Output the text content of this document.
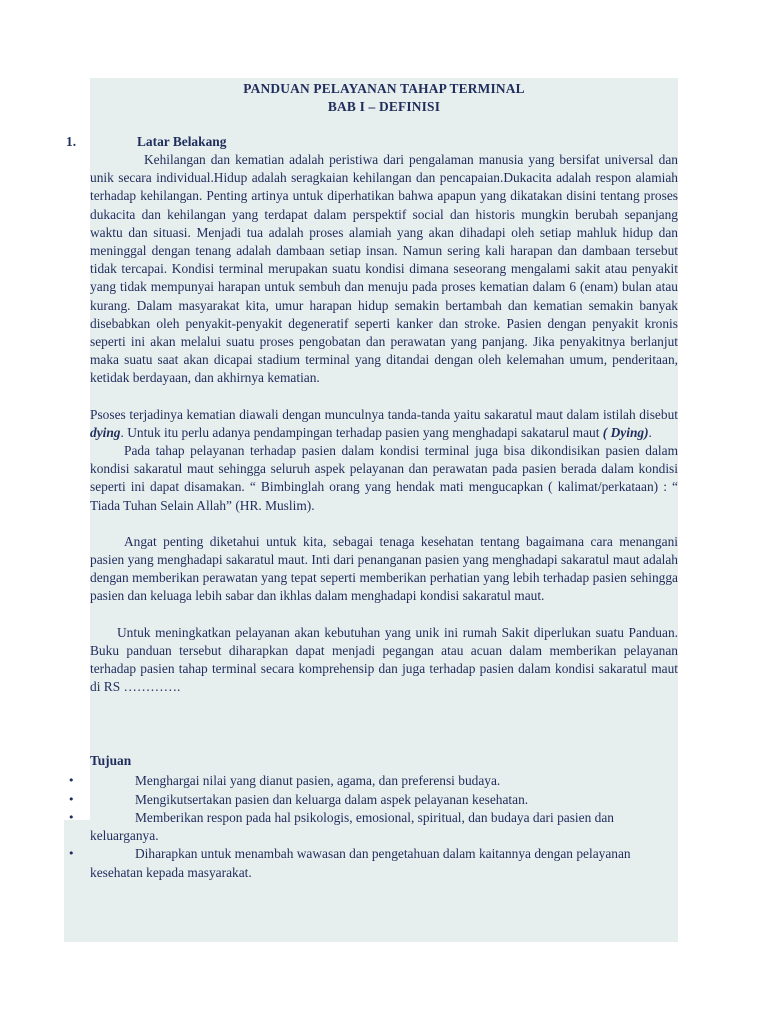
PANDUAN PELAYANAN TAHAP TERMINAL
BAB I – DEFINISI
1.	Latar Belakang

Kehilangan dan kematian adalah peristiwa dari pengalaman manusia yang bersifat universal dan unik secara individual.Hidup adalah seragkaian kehilangan dan pencapaian.Dukacita adalah respon alamiah terhadap kehilangan. Penting artinya untuk diperhatikan bahwa apapun yang dikatakan disini tentang proses dukacita dan kehilangan yang terdapat dalam perspektif social dan historis mungkin berubah sepanjang waktu dan situasi. Menjadi tua adalah proses alamiah yang akan dihadapi oleh setiap mahluk hidup dan meninggal dengan tenang adalah dambaan setiap insan. Namun sering kali harapan dan dambaan tersebut tidak tercapai. Kondisi terminal merupakan suatu kondisi dimana seseorang mengalami sakit atau penyakit yang tidak mempunyai harapan untuk sembuh dan menuju pada proses kematian dalam 6 (enam) bulan atau kurang. Dalam masyarakat kita, umur harapan hidup semakin bertambah dan kematian semakin banyak disebabkan oleh penyakit-penyakit degeneratif seperti kanker dan stroke. Pasien dengan penyakit kronis seperti ini akan melalui suatu proses pengobatan dan perawatan yang panjang. Jika penyakitnya berlanjut maka suatu saat akan dicapai stadium terminal yang ditandai dengan oleh kelemahan umum, penderitaan, ketidak berdayaan, dan akhirnya kematian.

Psoses terjadinya kematian diawali dengan munculnya tanda-tanda yaitu sakaratul maut dalam istilah disebut dying. Untuk itu perlu adanya pendampingan terhadap pasien yang menghadapi sakatarul maut ( Dying).

Pada tahap pelayanan terhadap pasien dalam kondisi terminal juga bisa dikondisikan pasien dalam kondisi sakaratul maut sehingga seluruh aspek pelayanan dan perawatan pada pasien berada dalam kondisi seperti ini dapat disamakan. “ Bimbinglah orang yang hendak mati mengucapkan ( kalimat/perkataan) : “ Tiada Tuhan Selain Allah” (HR. Muslim).

Angat penting diketahui untuk kita, sebagai tenaga kesehatan tentang bagaimana cara menangani pasien yang menghadapi sakaratul maut. Inti dari penanganan pasien yang menghadapi sakaratul maut adalah dengan memberikan perawatan yang tepat seperti memberikan perhatian yang lebih terhadap pasien sehingga pasien dan keluaga lebih sabar dan ikhlas dalam menghadapi kondisi sakaratul maut.

Untuk meningkatkan pelayanan akan kebutuhan yang unik ini rumah Sakit diperlukan suatu Panduan. Buku panduan tersebut diharapkan dapat menjadi pegangan atau acuan dalam memberikan pelayanan terhadap pasien tahap terminal secara komprehensip dan juga terhadap pasien dalam kondisi sakaratul maut di RS ………….

Tujuan
•	Menghargai nilai yang dianut pasien, agama, dan preferensi budaya.
•	Mengikutsertakan pasien dan keluarga dalam aspek pelayanan kesehatan.
•	Memberikan respon pada hal psikologis, emosional, spiritual, dan budaya dari pasien dan keluarganya.
•	Diharapkan untuk menambah wawasan dan pengetahuan dalam kaitannya dengan pelayanan kesehatan kepada masyarakat.
